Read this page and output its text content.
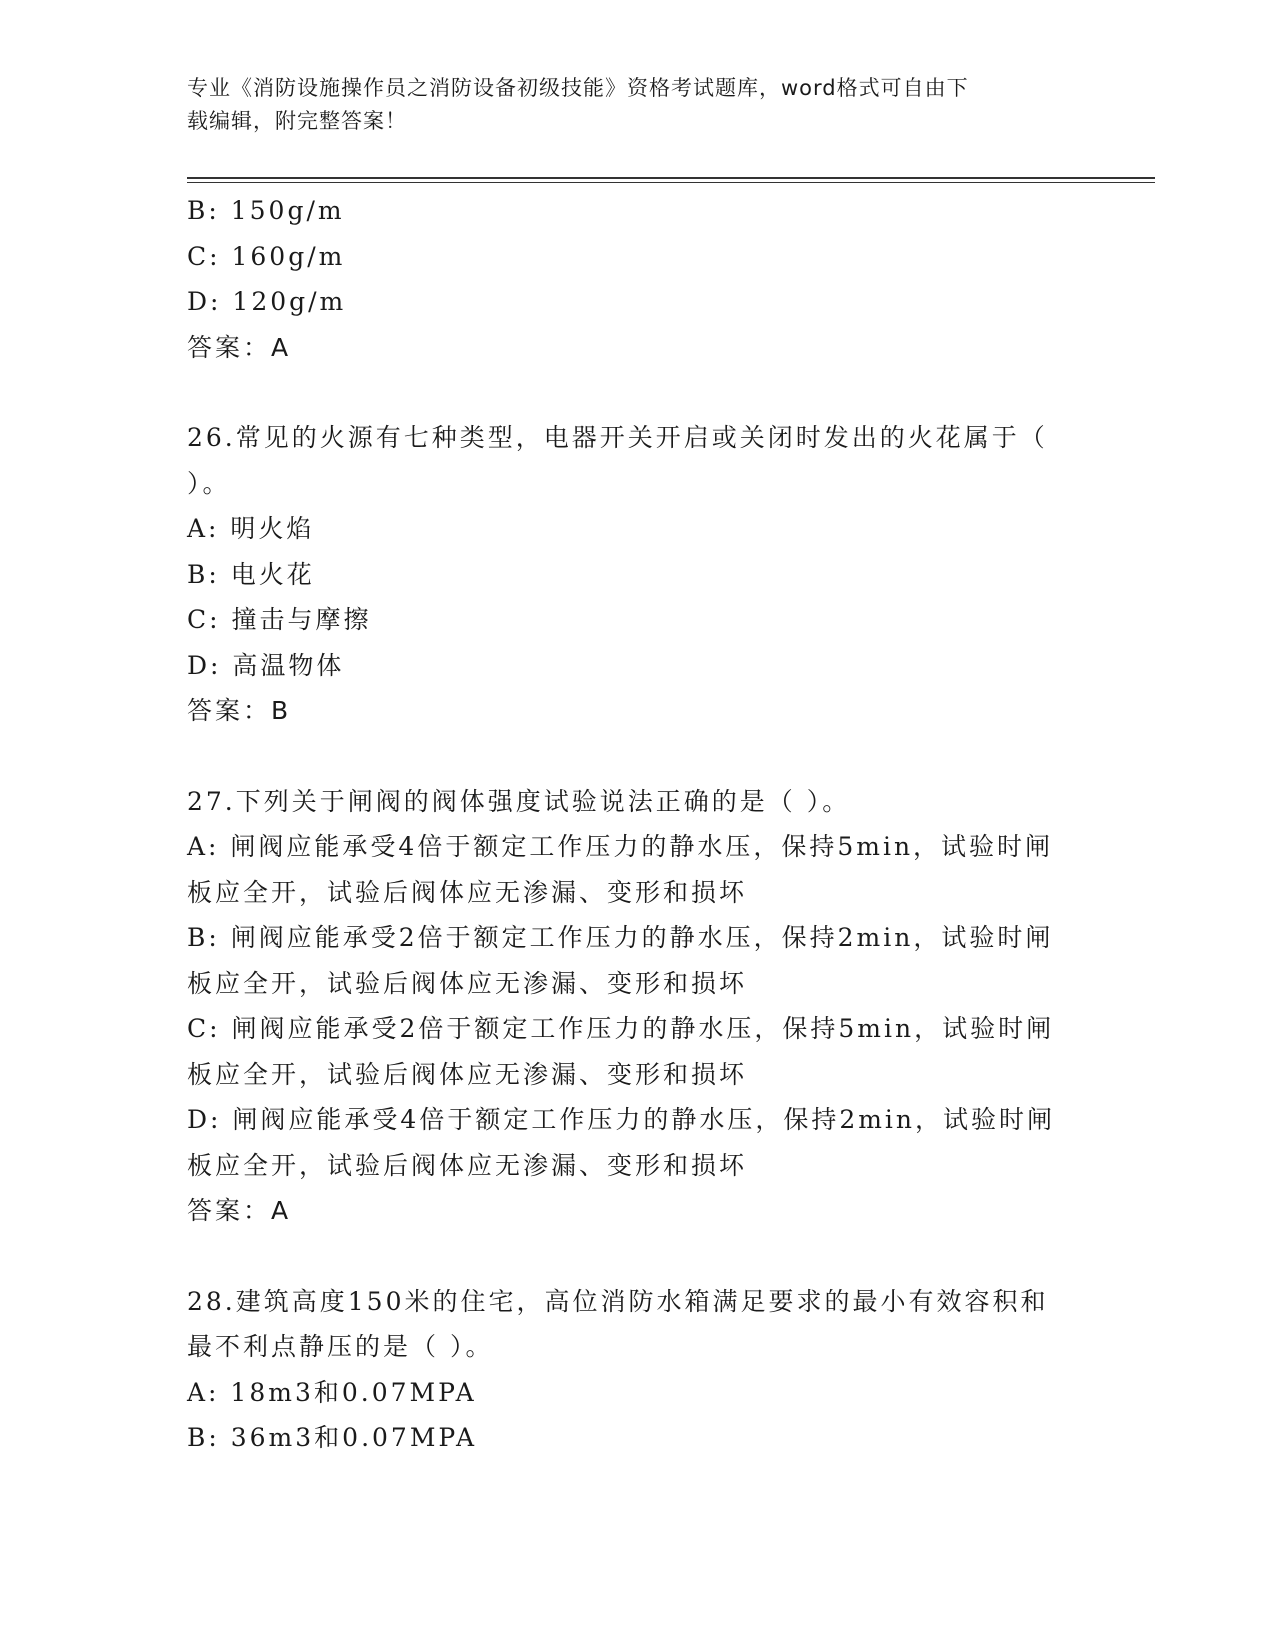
专业《消防设施操作员之消防设备初级技能》资格考试题库，word格式可自由下
载编辑，附完整答案！
B: 150g/m
C: 160g/m
D: 120g/m
答案：A
26.常见的火源有七种类型，电器开关开启或关闭时发出的火花属于（
）。
A: 明火焰
B: 电火花
C: 撞击与摩擦
D: 高温物体
答案：B
27.下列关于闸阀的阀体强度试验说法正确的是（ ）。
A: 闸阀应能承受4倍于额定工作压力的静水压，保持5min，试验时闸
板应全开，试验后阀体应无渗漏、变形和损坏
B: 闸阀应能承受2倍于额定工作压力的静水压，保持2min，试验时闸
板应全开，试验后阀体应无渗漏、变形和损坏
C: 闸阀应能承受2倍于额定工作压力的静水压，保持5min，试验时闸
板应全开，试验后阀体应无渗漏、变形和损坏
D: 闸阀应能承受4倍于额定工作压力的静水压，保持2min，试验时闸
板应全开，试验后阀体应无渗漏、变形和损坏
答案：A
28.建筑高度150米的住宅，高位消防水箱满足要求的最小有效容积和
最不利点静压的是（ ）。
A: 18m3和0.07MPA
B: 36m3和0.07MPA
